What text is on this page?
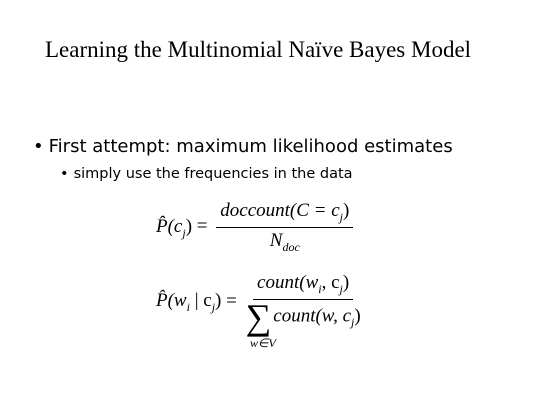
Learning the Multinomial Naïve Bayes Model
• First attempt: maximum likelihood estimates
• simply use the frequencies in the data
$P̂(c_j) = \frac{doccount(C = c_j)}{N_{doc}}$
$P̂(w_i$ | $c_j) = \frac{count(w_i, c_j)}{\sum count(w, c_j)}$
w∈V
